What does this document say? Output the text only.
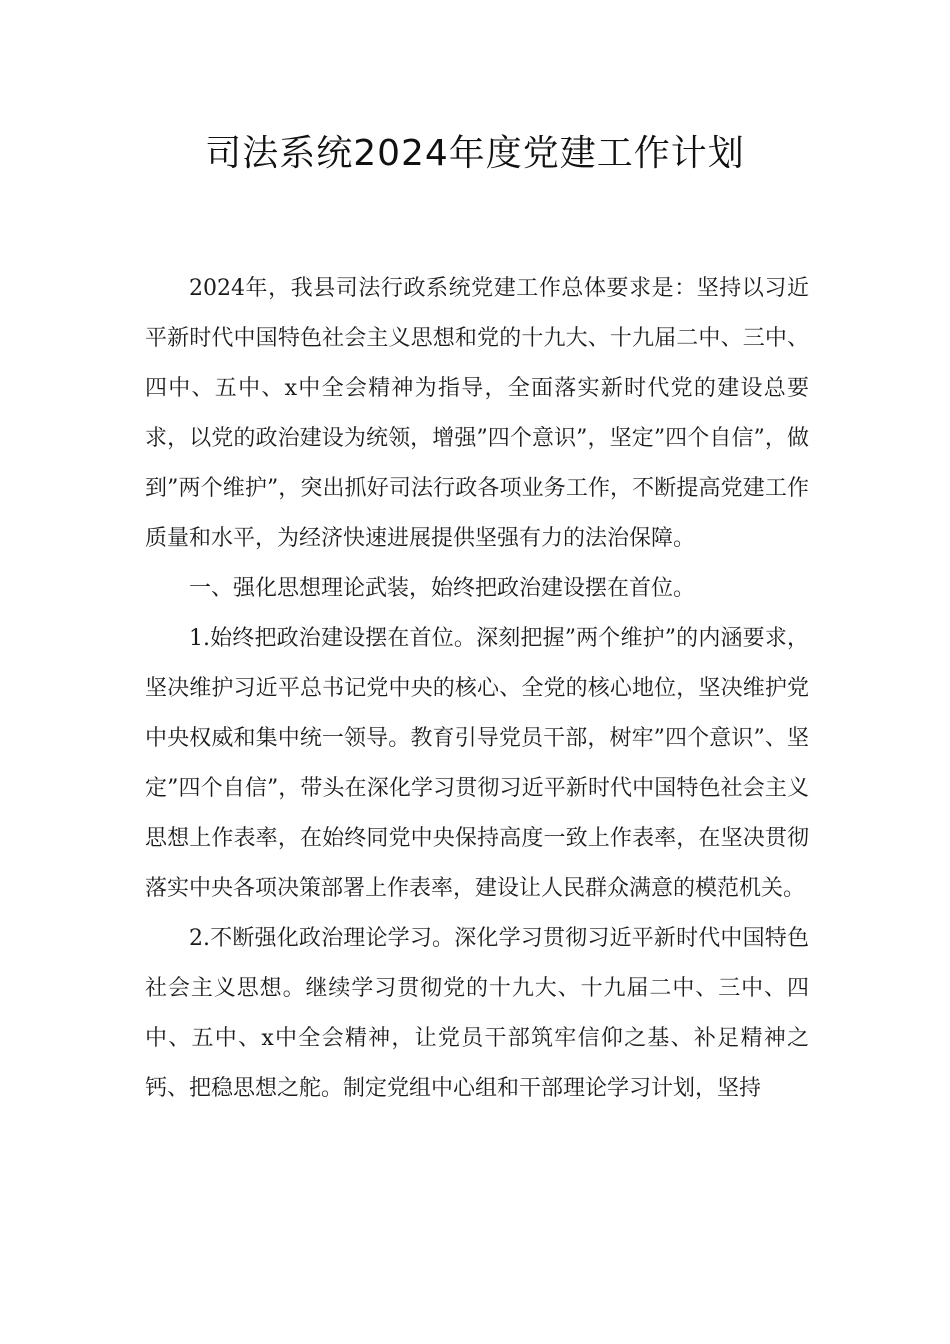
司法系统2024年度党建工作计划

2024年，我县司法行政系统党建工作总体要求是：坚持以习近平新时代中国特色社会主义思想和党的十九大、十九届二中、三中、四中、五中、x中全会精神为指导，全面落实新时代党的建设总要求，以党的政治建设为统领，增强”四个意识”，坚定”四个自信”，做到”两个维护”，突出抓好司法行政各项业务工作，不断提高党建工作质量和水平，为经济快速进展提供坚强有力的法治保障。

一、强化思想理论武装，始终把政治建设摆在首位。

1.始终把政治建设摆在首位。深刻把握”两个维护”的内涵要求，坚决维护习近平总书记党中央的核心、全党的核心地位，坚决维护党中央权威和集中统一领导。教育引导党员干部，树牢”四个意识”、坚定”四个自信”，带头在深化学习贯彻习近平新时代中国特色社会主义思想上作表率，在始终同党中央保持高度一致上作表率，在坚决贯彻落实中央各项决策部署上作表率，建设让人民群众满意的模范机关。

2.不断强化政治理论学习。深化学习贯彻习近平新时代中国特色社会主义思想。继续学习贯彻党的十九大、十九届二中、三中、四中、五中、x中全会精神，让党员干部筑牢信仰之基、补足精神之钙、把稳思想之舵。制定党组中心组和干部理论学习计划，坚持
